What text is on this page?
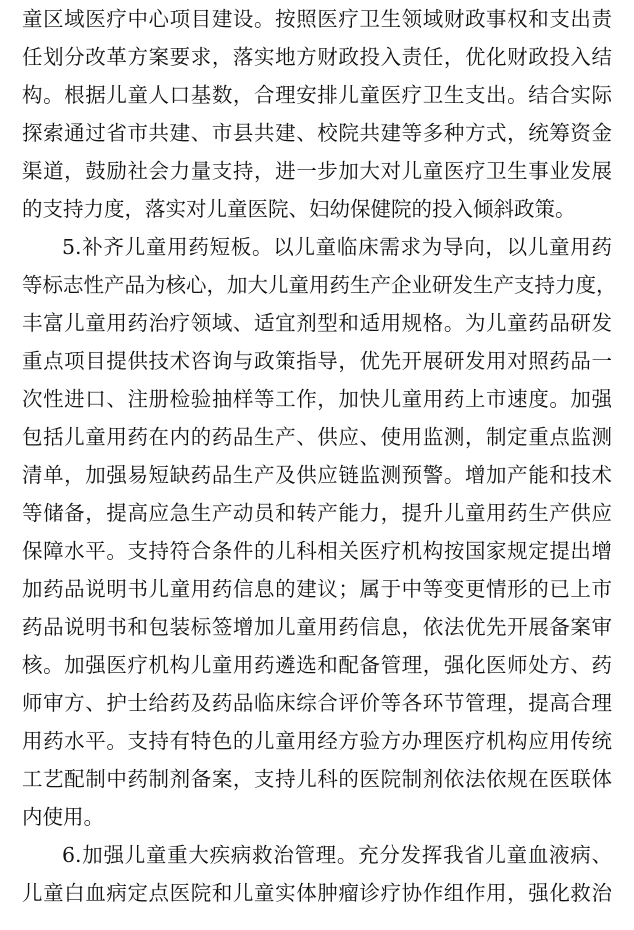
童区域医疗中心项目建设。按照医疗卫生领域财政事权和支出责
任划分改革方案要求，落实地方财政投入责任，优化财政投入结
构。根据儿童人口基数，合理安排儿童医疗卫生支出。结合实际
探索通过省市共建、市县共建、校院共建等多种方式，统筹资金
渠道，鼓励社会力量支持，进一步加大对儿童医疗卫生事业发展
的支持力度，落实对儿童医院、妇幼保健院的投入倾斜政策。
5.补齐儿童用药短板。以儿童临床需求为导向，以儿童用药
等标志性产品为核心，加大儿童用药生产企业研发生产支持力度，
丰富儿童用药治疗领域、适宜剂型和适用规格。为儿童药品研发
重点项目提供技术咨询与政策指导，优先开展研发用对照药品一
次性进口、注册检验抽样等工作，加快儿童用药上市速度。加强
包括儿童用药在内的药品生产、供应、使用监测，制定重点监测
清单，加强易短缺药品生产及供应链监测预警。增加产能和技术
等储备，提高应急生产动员和转产能力，提升儿童用药生产供应
保障水平。支持符合条件的儿科相关医疗机构按国家规定提出增
加药品说明书儿童用药信息的建议；属于中等变更情形的已上市
药品说明书和包装标签增加儿童用药信息，依法优先开展备案审
核。加强医疗机构儿童用药遴选和配备管理，强化医师处方、药
师审方、护士给药及药品临床综合评价等各环节管理，提高合理
用药水平。支持有特色的儿童用经方验方办理医疗机构应用传统
工艺配制中药制剂备案，支持儿科的医院制剂依法依规在医联体
内使用。
6.加强儿童重大疾病救治管理。充分发挥我省儿童血液病、
儿童白血病定点医院和儿童实体肿瘤诊疗协作组作用，强化救治
